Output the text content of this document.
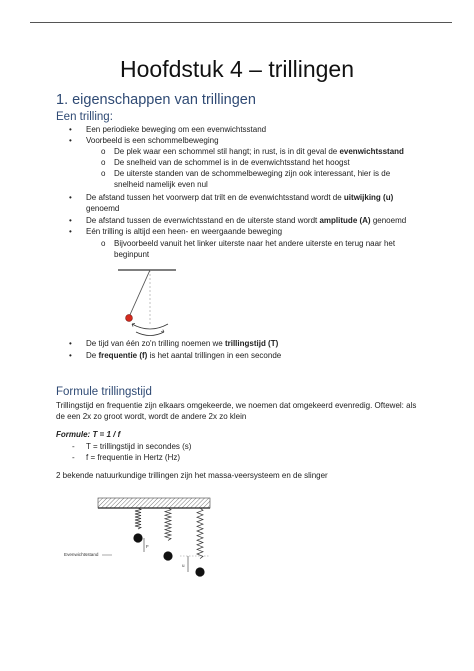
Hoofdstuk 4 – trillingen
1. eigenschappen van trillingen
Een trilling:
• Een periodieke beweging om een evenwichtsstand
• Voorbeeld is een schommelbeweging
o De plek waar een schommel stil hangt; in rust, is in dit geval de evenwichtsstand
o De snelheid van de schommel is in de evenwichtsstand het hoogst
o De uiterste standen van de schommelbeweging zijn ook interessant, hier is de
snelheid namelijk even nul
• De afstand tussen het voorwerp dat trilt en de evenwichtsstand wordt de uitwijking (u)
genoemd
• De afstand tussen de evenwichtsstand en de uiterste stand wordt amplitude (A) genoemd
• Eén trilling is altijd een heen- en weergaande beweging
o Bijvoorbeeld vanuit het linker uiterste naar het andere uiterste en terug naar het
beginpunt
• De tijd van één zo'n trilling noemen we trillingstijd (T)
• De frequentie (f) is het aantal trillingen in een seconde
Formule trillingstijd
Trillingstijd en frequentie zijn elkaars omgekeerde, we noemen dat omgekeerd evenredig. Oftewel: als
de een 2x zo groot wordt, wordt de andere 2x zo klein
Formule: T = 1 / f
- T = trillingstijd in secondes (s)
- f = frequentie in Hertz (Hz)
2 bekende natuurkundige trillingen zijn het massa-veersysteem en de slinger
F
u
Evenwichtsstand
